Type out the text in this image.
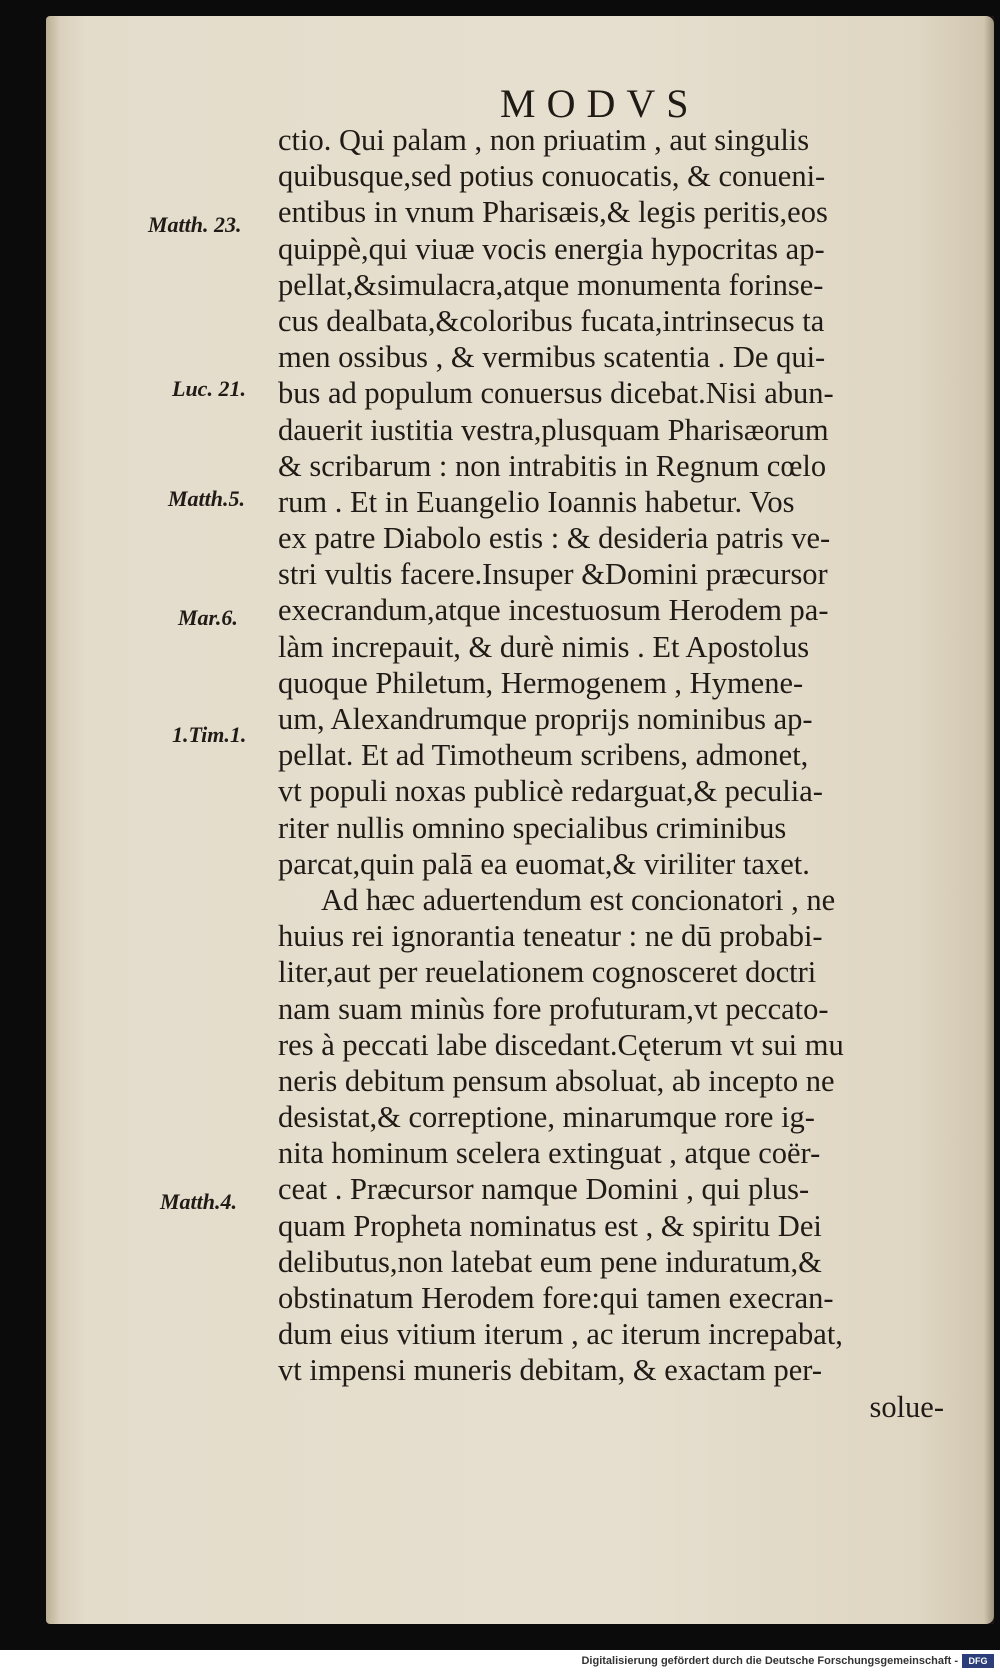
MODVS
Matth. 23.
Luc. 21.
Matth.5.
Mar.6.
1.Tim.1.
Matth.4.
ctio. Qui palam , non priuatim , aut singulis
quibusque,sed potius conuocatis, & conueni-
entibus in vnum Pharisæis,& legis peritis,eos
quippè,qui viuæ vocis energia hypocritas ap-
pellat,&simulacra,atque monumenta forinse-
cus dealbata,&coloribus fucata,intrinsecus ta
men ossibus , & vermibus scatentia . De qui-
bus ad populum conuersus dicebat.Nisi abun-
dauerit iustitia vestra,plusquam Pharisæorum
& scribarum : non intrabitis in Regnum cœlo
rum . Et in Euangelio Ioannis habetur. Vos
ex patre Diabolo estis : & desideria patris ve-
stri vultis facere.Insuper &Domini præcursor
execrandum,atque incestuosum Herodem pa-
làm increpauit, & durè nimis . Et Apostolus
quoque Philetum, Hermogenem , Hymene-
um, Alexandrumque proprijs nominibus ap-
pellat. Et ad Timotheum scribens, admonet,
vt populi noxas publicè redarguat,& peculia-
riter nullis omnino specialibus criminibus
parcat,quin palā ea euomat,& viriliter taxet.
Ad hæc aduertendum est concionatori , ne
huius rei ignorantia teneatur : ne dū probabi-
liter,aut per reuelationem cognosceret doctri
nam suam minùs fore profuturam,vt peccato-
res à peccati labe discedant.Cęterum vt sui mu
neris debitum pensum absoluat, ab incepto ne
desistat,& correptione, minarumque rore ig-
nita hominum scelera extinguat , atque coër-
ceat . Præcursor namque Domini , qui plus-
quam Propheta nominatus est , & spiritu Dei
delibutus,non latebat eum pene induratum,&
obstinatum Herodem fore:qui tamen execran-
dum eius vitium iterum , ac iterum increpabat,
vt impensi muneris debitam, & exactam per-
solue-
Digitalisierung gefördert durch die Deutsche Forschungsgemeinschaft -	DFG
